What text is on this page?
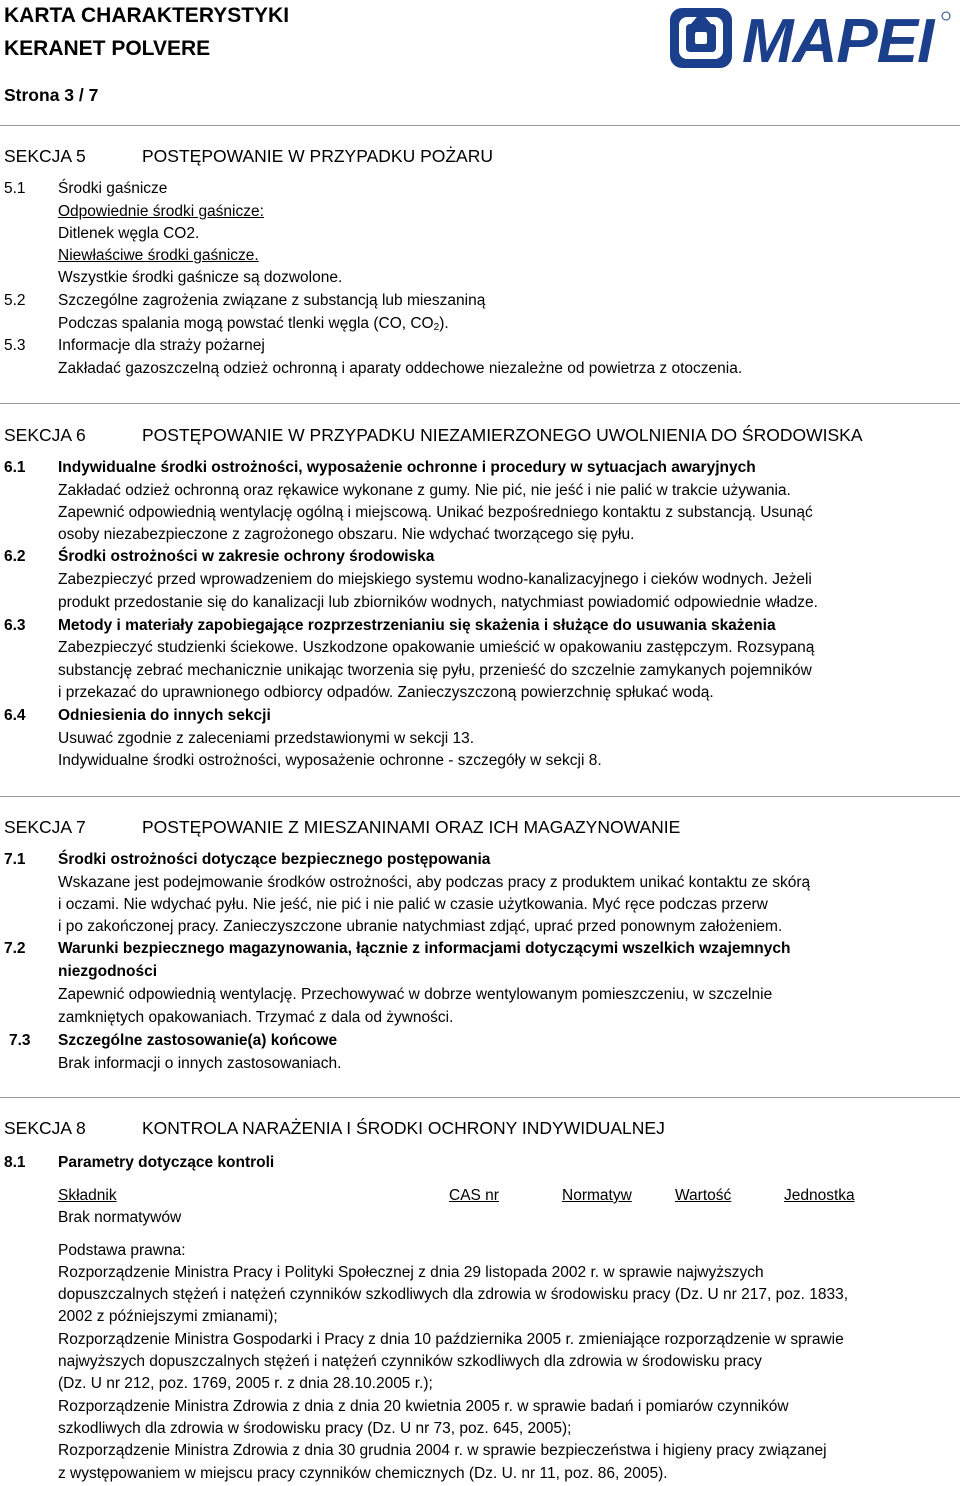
KARTA CHARAKTERYSTYKI
KERANET POLVERE
Strona 3 / 7
MAPEI
SEKCJA 5	POSTĘPOWANIE W PRZYPADKU POŻARU
5.1 Środki gaśnicze
Odpowiednie środki gaśnicze:
Ditlenek węgla CO2.
Niewłaściwe środki gaśnicze.
Wszystkie środki gaśnicze są dozwolone.
5.2 Szczególne zagrożenia związane z substancją lub mieszaniną
Podczas spalania mogą powstać tlenki węgla (CO, $CO_2$).
5.3 Informacje dla straży pożarnej
Zakładać gazoszczelną odzież ochronną i aparaty oddechowe niezależne od powietrza z otoczenia.
SEKCJA 6	POSTĘPOWANIE W PRZYPADKU NIEZAMIERZONEGO UWOLNIENIA DO ŚRODOWISKA
6.1 Indywidualne środki ostrożności, wyposażenie ochronne i procedury w sytuacjach awaryjnych
Zakładać odzież ochronną oraz rękawice wykonane z gumy. Nie pić, nie jeść i nie palić w trakcie używania.
Zapewnić odpowiednią wentylację ogólną i miejscową. Unikać bezpośredniego kontaktu z substancją. Usunąć
osoby niezabezpieczone z zagrożonego obszaru. Nie wdychać tworzącego się pyłu.
6.2 Środki ostrożności w zakresie ochrony środowiska
Zabezpieczyć przed wprowadzeniem do miejskiego systemu wodno-kanalizacyjnego i cieków wodnych. Jeżeli
produkt przedostanie się do kanalizacji lub zbiorników wodnych, natychmiast powiadomić odpowiednie władze.
6.3 Metody i materiały zapobiegające rozprzestrzenianiu się skażenia i służące do usuwania skażenia
Zabezpieczyć studzienki ściekowe. Uszkodzone opakowanie umieścić w opakowaniu zastępczym. Rozsypaną
substancję zebrać mechanicznie unikając tworzenia się pyłu, przenieść do szczelnie zamykanych pojemników
i przekazać do uprawnionego odbiorcy odpadów. Zanieczyszczoną powierzchnię spłukać wodą.
6.4 Odniesienia do innych sekcji
Usuwać zgodnie z zaleceniami przedstawionymi w sekcji 13.
Indywidualne środki ostrożności, wyposażenie ochronne - szczegóły w sekcji 8.
SEKCJA 7	POSTĘPOWANIE Z MIESZANINAMI ORAZ ICH MAGAZYNOWANIE
7.1 Środki ostrożności dotyczące bezpiecznego postępowania
Wskazane jest podejmowanie środków ostrożności, aby podczas pracy z produktem unikać kontaktu ze skórą
i oczami. Nie wdychać pyłu. Nie jeść, nie pić i nie palić w czasie użytkowania. Myć ręce podczas przerw
i po zakończonej pracy. Zanieczyszczone ubranie natychmiast zdjąć, uprać przed ponownym założeniem.
7.2 Warunki bezpiecznego magazynowania, łącznie z informacjami dotyczącymi wszelkich wzajemnych
niezgodności
Zapewnić odpowiednią wentylację. Przechowywać w dobrze wentylowanym pomieszczeniu, w szczelnie
zamkniętych opakowaniach. Trzymać z dala od żywności.
7.3 Szczególne zastosowanie(a) końcowe
Brak informacji o innych zastosowaniach.
SEKCJA 8	KONTROLA NARAŻENIA I ŚRODKI OCHRONY INDYWIDUALNEJ
8.1 Parametry dotyczące kontroli
Składnik	CAS nr	Normatyw	Wartość	Jednostka
Brak normatywów
Podstawa prawna:
Rozporządzenie Ministra Pracy i Polityki Społecznej z dnia 29 listopada 2002 r. w sprawie najwyższych
dopuszczalnych stężeń i natężeń czynników szkodliwych dla zdrowia w środowisku pracy (Dz. U nr 217, poz. 1833,
2002 z późniejszymi zmianami);
Rozporządzenie Ministra Gospodarki i Pracy z dnia 10 października 2005 r. zmieniające rozporządzenie w sprawie
najwyższych dopuszczalnych stężeń i natężeń czynników szkodliwych dla zdrowia w środowisku pracy
(Dz. U nr 212, poz. 1769, 2005 r. z dnia 28.10.2005 r.);
Rozporządzenie Ministra Zdrowia z dnia z dnia 20 kwietnia 2005 r. w sprawie badań i pomiarów czynników
szkodliwych dla zdrowia w środowisku pracy (Dz. U nr 73, poz. 645, 2005);
Rozporządzenie Ministra Zdrowia z dnia 30 grudnia 2004 r. w sprawie bezpieczeństwa i higieny pracy związanej
z występowaniem w miejscu pracy czynników chemicznych (Dz. U. nr 11, poz. 86, 2005).
